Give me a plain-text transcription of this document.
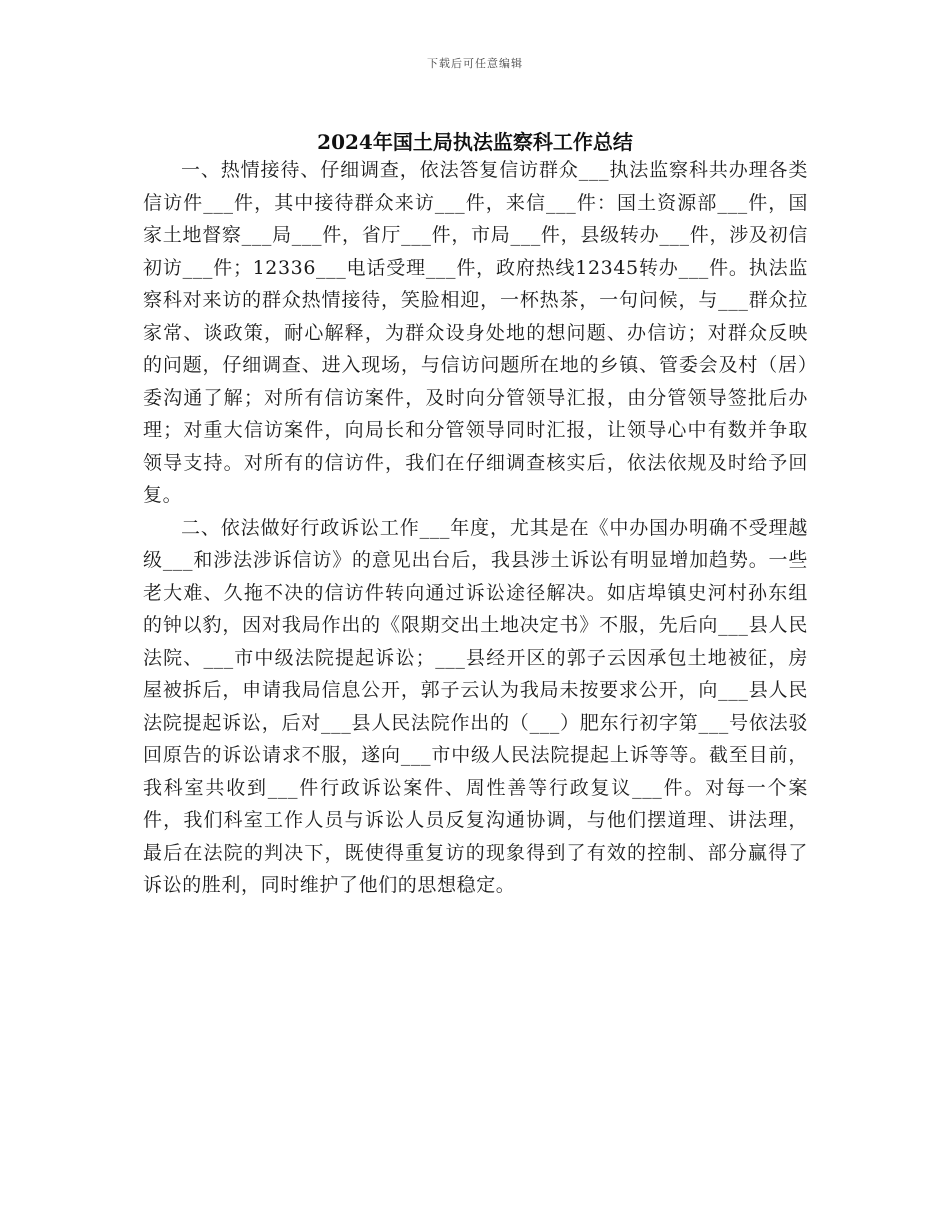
下载后可任意编辑
2024年国土局执法监察科工作总结

一、热情接待、仔细调查，依法答复信访群众___执法监察科共办理各类信访件___件，其中接待群众来访___件，来信___件：国土资源部___件，国家土地督察___局___件，省厅___件，市局___件，县级转办___件，涉及初信初访___件；12336___电话受理___件，政府热线12345转办___件。执法监察科对来访的群众热情接待，笑脸相迎，一杯热茶，一句问候，与___群众拉家常、谈政策，耐心解释，为群众设身处地的想问题、办信访；对群众反映的问题，仔细调查、进入现场，与信访问题所在地的乡镇、管委会及村（居）委沟通了解；对所有信访案件，及时向分管领导汇报，由分管领导签批后办理；对重大信访案件，向局长和分管领导同时汇报，让领导心中有数并争取领导支持。对所有的信访件，我们在仔细调查核实后，依法依规及时给予回复。

二、依法做好行政诉讼工作___年度，尤其是在《中办国办明确不受理越级___和涉法涉诉信访》的意见出台后，我县涉土诉讼有明显增加趋势。一些老大难、久拖不决的信访件转向通过诉讼途径解决。如店埠镇史河村孙东组的钟以豹，因对我局作出的《限期交出土地决定书》不服，先后向___县人民法院、___市中级法院提起诉讼；___县经开区的郭子云因承包土地被征，房屋被拆后，申请我局信息公开，郭子云认为我局未按要求公开，向___县人民法院提起诉讼，后对___县人民法院作出的（___）肥东行初字第___号依法驳回原告的诉讼请求不服，遂向___市中级人民法院提起上诉等等。截至目前，我科室共收到___件行政诉讼案件、周性善等行政复议___件。对每一个案件，我们科室工作人员与诉讼人员反复沟通协调，与他们摆道理、讲法理，最后在法院的判决下，既使得重复访的现象得到了有效的控制、部分赢得了诉讼的胜利，同时维护了他们的思想稳定。
